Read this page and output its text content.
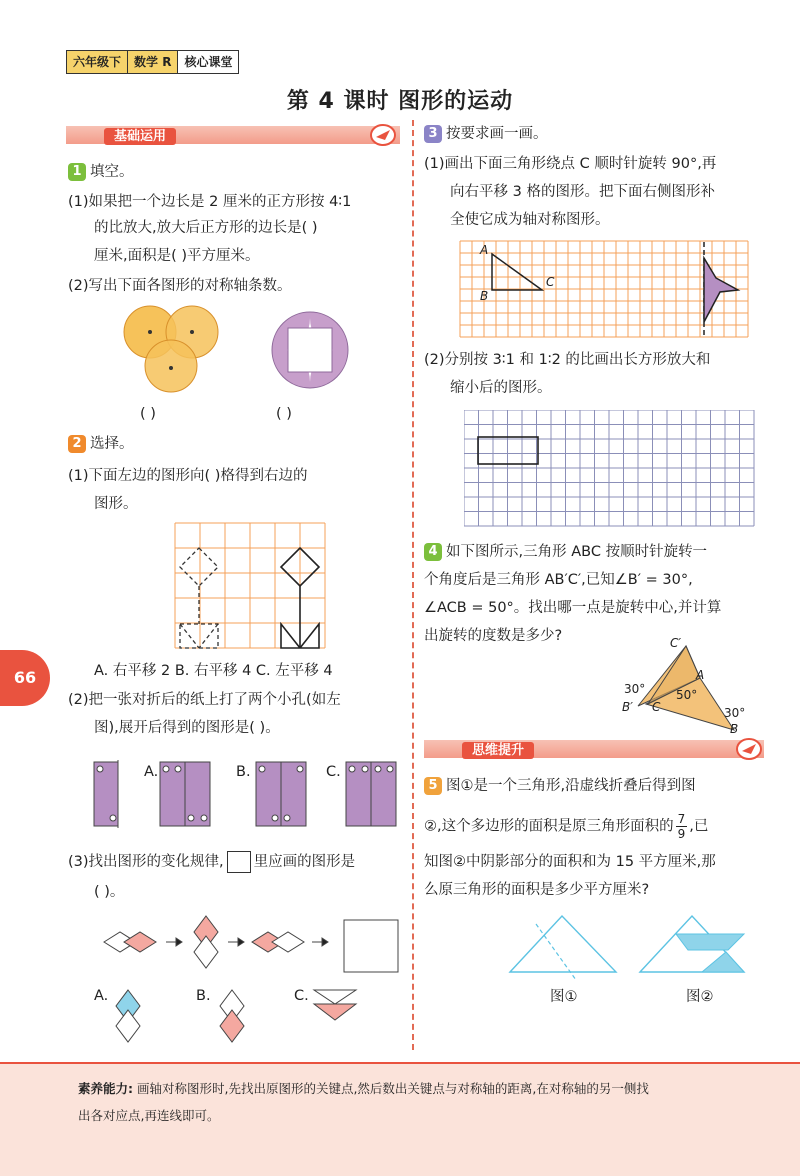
六年级下	数学 R	核心课堂
第 4 课时 图形的运动
基础运用
1 填空。
(1)如果把一个边长是 2 厘米的正方形按 4∶1
的比放大,放大后正方形的边长是( )
厘米,面积是( )平方厘米。
(2)写出下面各图形的对称轴条数。
( )	( )
2 选择。
(1)下面左边的图形向( )格得到右边的
图形。
A. 右平移 2 B. 右平移 4 C. 左平移 4
(2)把一张对折后的纸上打了两个小孔(如左
图),展开后得到的图形是( )。
A.	B.	C.
(3)找出图形的变化规律, 里应画的图形是
( )。
A.	B.	C.
66
3 按要求画一画。
(1)画出下面三角形绕点 C 顺时针旋转 90°,再
向右平移 3 格的图形。把下面右侧图形补
全使它成为轴对称图形。
A
B
C
(2)分别按 3∶1 和 1∶2 的比画出长方形放大和
缩小后的图形。
4 如下图所示,三角形 ABC 按顺时针旋转一
个角度后是三角形 AB′C′,已知∠B′ = 30°,
∠ACB = 50°。找出哪一点是旋转中心,并计算
出旋转的度数是多少?	C′
A
B′ C
B
30°	50°
30°
思维提升
5 图①是一个三角形,沿虚线折叠后得到图
②,这个多边形的面积是原三角形面积的 $\frac{7}{9}$ ,已
知图②中阴影部分的面积和为 15 平方厘米,那
么原三角形的面积是多少平方厘米?
图①	图②
素养能力: 画轴对称图形时,先找出原图形的关键点,然后数出关键点与对称轴的距离,在对称轴的另一侧找
出各对应点,再连线即可。
